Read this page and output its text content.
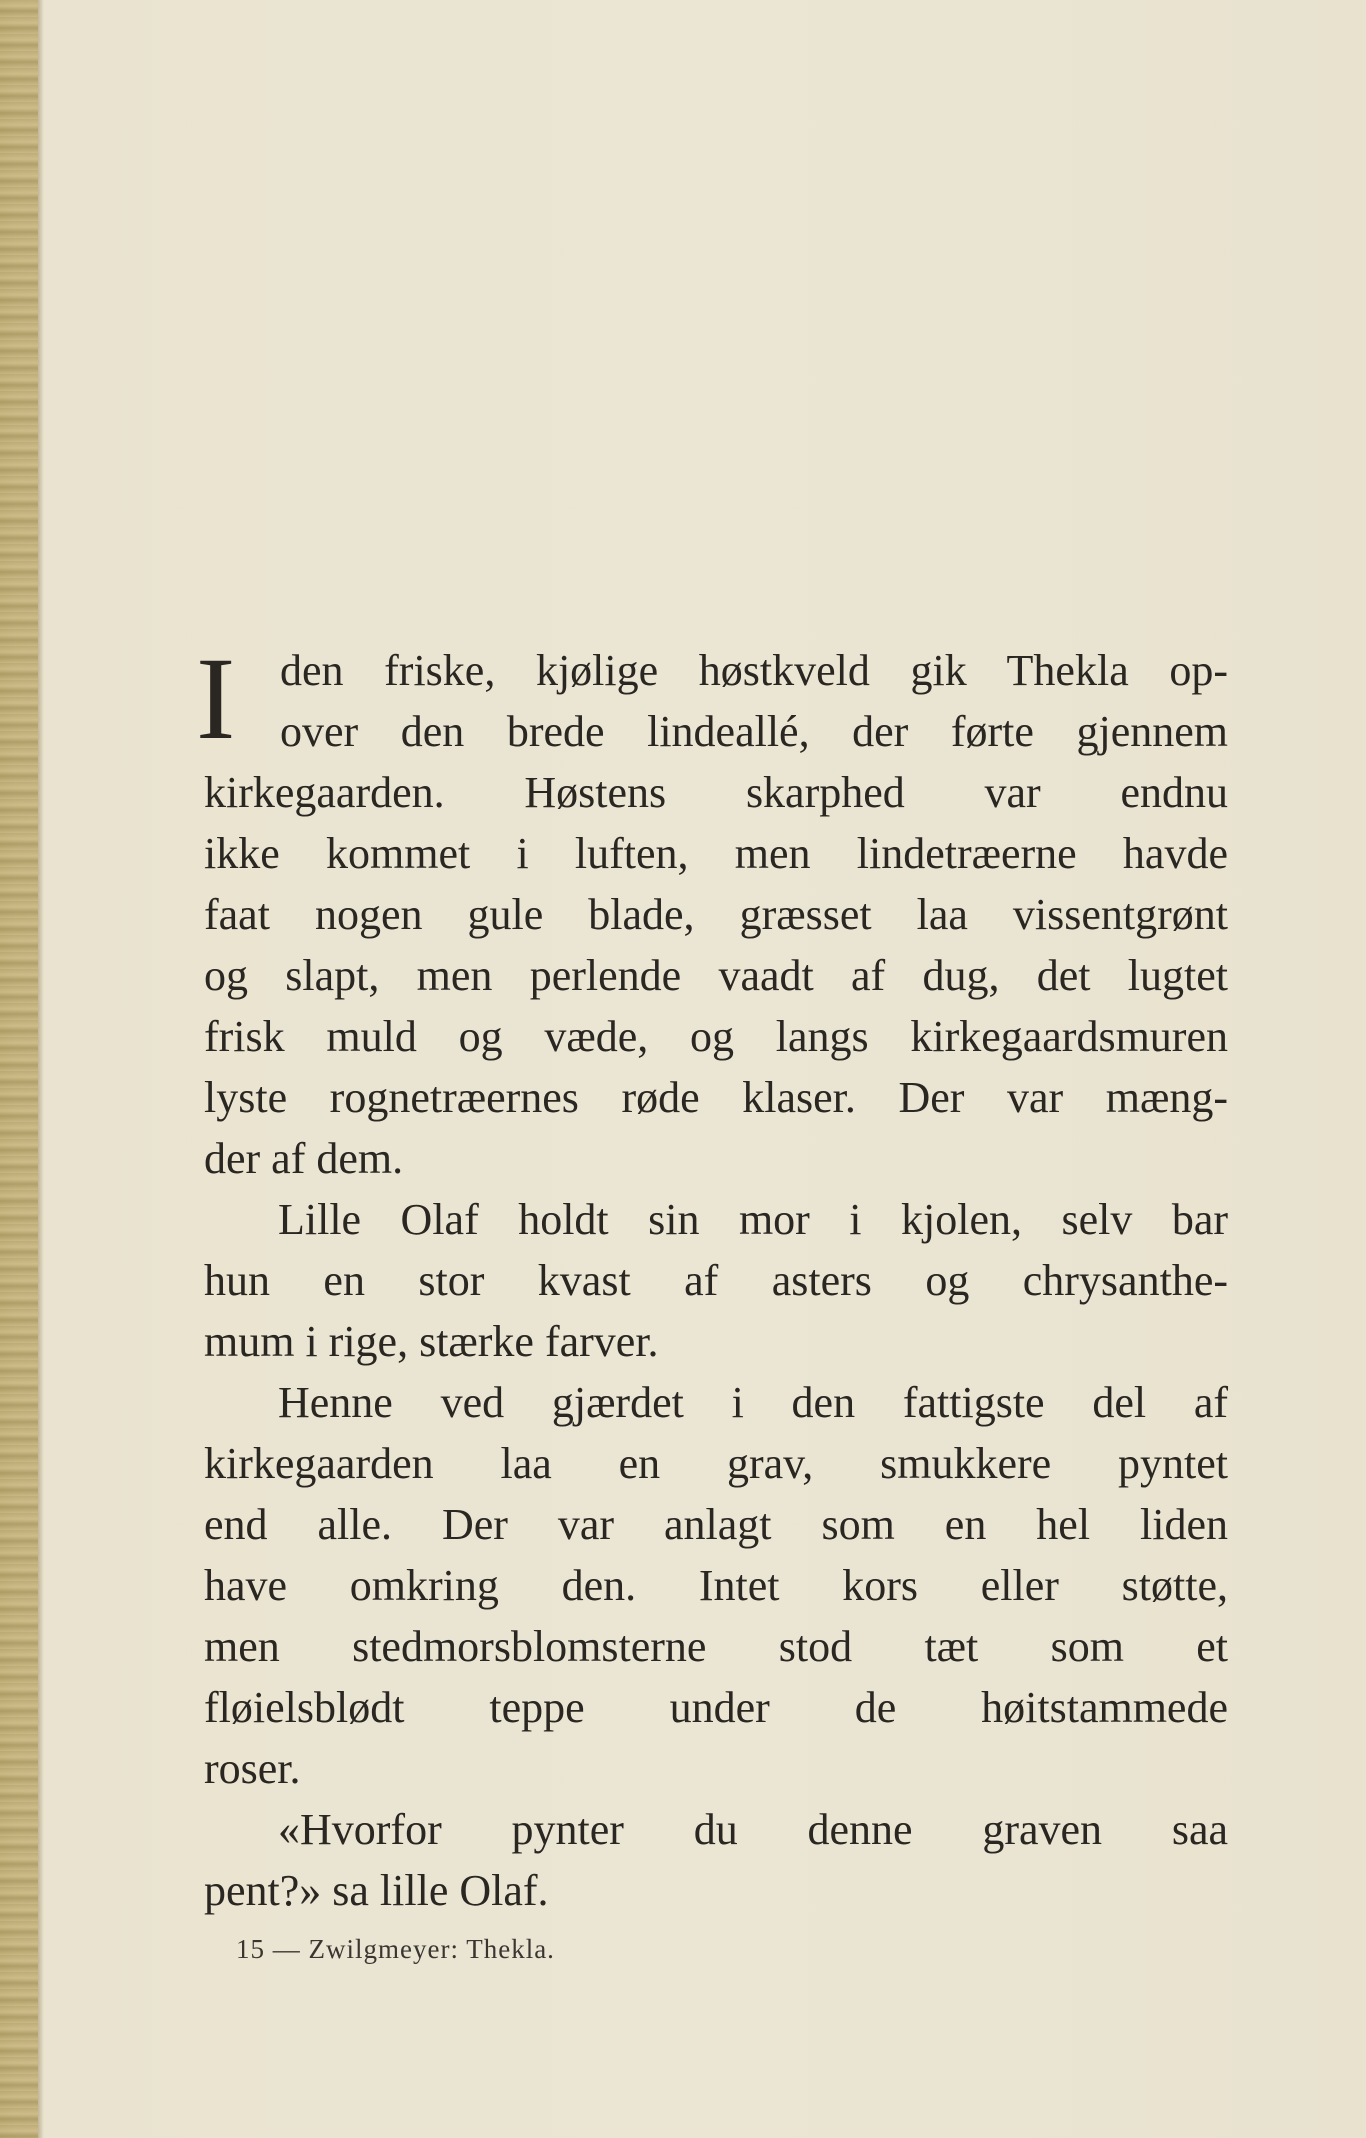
I	den friske, kjølige høstkveld gik Thekla op-
over den brede lindeallé, der førte gjennem
kirkegaarden. Høstens skarphed var endnu
ikke kommet i luften, men lindetræerne havde
faat nogen gule blade, græsset laa vissentgrønt
og slapt, men perlende vaadt af dug, det lugtet
frisk muld og væde, og langs kirkegaardsmuren
lyste rognetræernes røde klaser. Der var mæng-
der af dem.
Lille Olaf holdt sin mor i kjolen, selv bar
hun en stor kvast af asters og chrysanthe-
mum i rige, stærke farver.
Henne ved gjærdet i den fattigste del af
kirkegaarden laa en grav, smukkere pyntet
end alle. Der var anlagt som en hel liden
have omkring den. Intet kors eller støtte,
men stedmorsblomsterne stod tæt som et
fløielsblødt teppe under de høitstammede
roser.
«Hvorfor pynter du denne graven saa
pent?» sa lille Olaf.
15 — Zwilgmeyer: Thekla.
